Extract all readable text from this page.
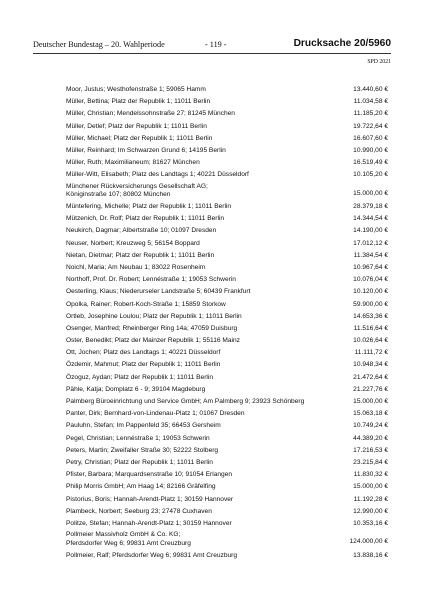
Deutscher Bundestag – 20. Wahlperiode	- 119 -	Drucksache 20/5960
SPD 2021
Moor, Justus; Westhofenstraße 1; 59065 Hamm	13.440,60 €
Müller, Bettina; Platz der Republik 1; 11011 Berlin	11.034,58 €
Müller, Christian; Mendelssohnstraße 27; 81245 München	11.185,20 €
Müller, Detlef; Platz der Republik 1; 11011 Berlin	19.722,64 €
Müller, Michael; Platz der Republik 1; 11011 Berlin	16.607,60 €
Müller, Reinhard; Im Schwarzen Grund 6; 14195 Berlin	10.990,00 €
Müller, Ruth; Maximilianeum; 81627 München	16.519,49 €
Müller-Witt, Elisabeth; Platz des Landtags 1; 40221 Düsseldorf	10.105,20 €
Münchener Rückversicherungs Gesellschaft AG;
Königinstraße 107; 80802 München	15.000,00 €
Müntefering, Michelle; Platz der Republik 1; 11011 Berlin	28.379,18 €
Mützenich, Dr. Rolf; Platz der Republik 1; 11011 Berlin	14.344,54 €
Neukirch, Dagmar; Albertstraße 10; 01097 Dresden	14.190,00 €
Neuser, Norbert; Kreuzweg 5; 56154 Boppard	17.012,12 €
Nietan, Dietmar; Platz der Republik 1; 11011 Berlin	11.384,54 €
Noichl, Maria; Am Neubau 1; 83022 Rosenheim	10.967,64 €
Northoff, Prof. Dr. Robert; Lennéstraße 1; 19053 Schwerin	10.076,04 €
Oesterling, Klaus; Niederurseler Landstraße 5; 60439 Frankfurt	10.120,00 €
Opolka, Rainer; Robert-Koch-Straße 1; 15859 Storkow	59.900,00 €
Ortleb, Josephine Loulou; Platz der Republik 1; 11011 Berlin	14.653,36 €
Osenger, Manfred; Rheinberger Ring 14a; 47059 Duisburg	11.516,64 €
Oster, Benedikt; Platz der Mainzer Republik 1; 55116 Mainz	10.026,64 €
Ott, Jochen; Platz des Landtags 1; 40221 Düsseldorf	11.111,72 €
Özdemir, Mahmut; Platz der Republik 1; 11011 Berlin	10.948,34 €
Özoguz, Aydan; Platz der Republik 1; 11011 Berlin	21.472,64 €
Pähle, Katja; Domplatz 6 - 9; 39104 Magdeburg	21.227,76 €
Palmberg Büroeinrichtung und Service GmbH; Am Palmberg 9; 23923 Schönberg	15.000,00 €
Panter, Dirk; Bernhard-von-Lindenau-Platz 1; 01067 Dresden	15.063,18 €
Pauluhn, Stefan; Im Pappenfeld 35; 66453 Gersheim	10.749,24 €
Pegel, Christian; Lennéstraße 1; 19053 Schwerin	44.389,20 €
Peters, Martin; Zweifaller Straße 30; 52222 Stolberg	17.216,53 €
Petry, Christian; Platz der Republik 1; 11011 Berlin	23.215,84 €
Pfister, Barbara; Marquardsenstraße 10; 91054 Erlangen	11.830,32 €
Philip Morris GmbH; Am Haag 14; 82166 Gräfelfing	15.000,00 €
Pistorius, Boris; Hannah-Arendt-Platz 1; 30159 Hannover	11.192,28 €
Plambeck, Norbert; Seeburg 23; 27478 Cuxhaven	12.990,00 €
Politze, Stefan; Hannah-Arendt-Platz 1; 30159 Hannover	10.353,16 €
Pollmeier Massivholz GmbH & Co. KG;
Pferdsdorfer Weg 6; 99831 Amt Creuzburg	124.000,00 €
Pollmeier, Ralf; Pferdsdorfer Weg 6; 99831 Amt Creuzburg	13.838,16 €
